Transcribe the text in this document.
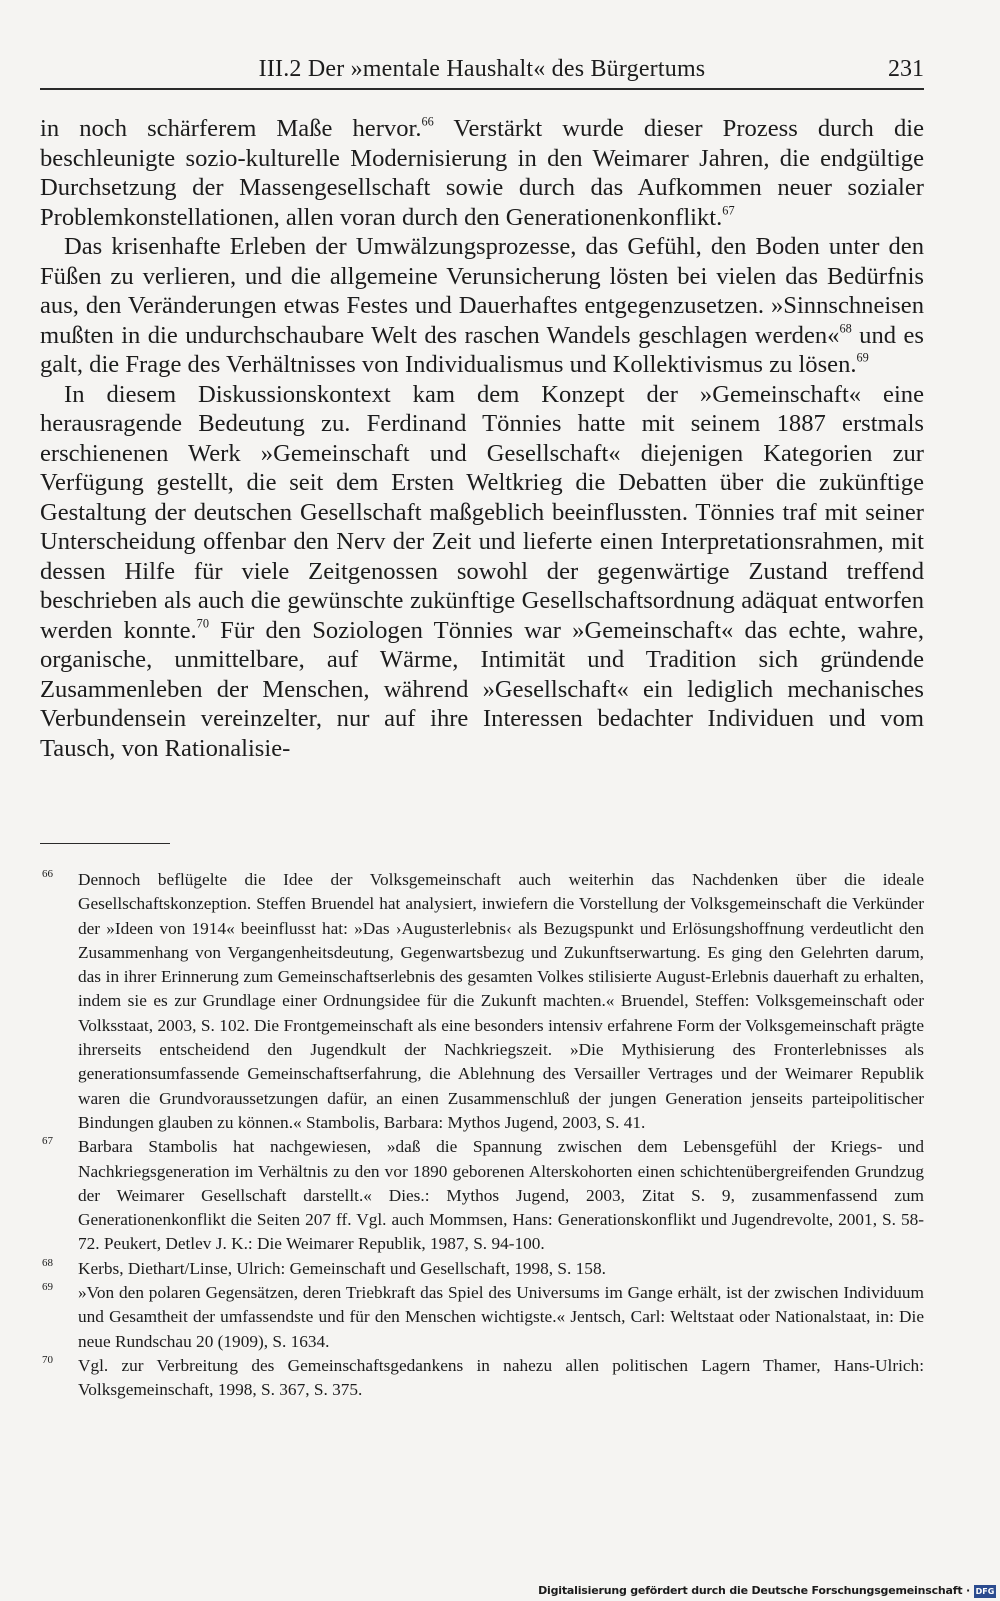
III.2 Der »mentale Haushalt« des Bürgertums	231

in noch schärferem Maße hervor.$^{66}$ Verstärkt wurde dieser Prozess durch die beschleunigte sozio-kulturelle Modernisierung in den Weimarer Jahren, die endgültige Durchsetzung der Massengesellschaft sowie durch das Aufkommen neuer sozialer Problemkonstellationen, allen voran durch den Generationenkonflikt.$^{67}$

Das krisenhafte Erleben der Umwälzungsprozesse, das Gefühl, den Boden unter den Füßen zu verlieren, und die allgemeine Verunsicherung lösten bei vielen das Bedürfnis aus, den Veränderungen etwas Festes und Dauerhaftes entgegenzusetzen. »Sinnschneisen mußten in die undurchschaubare Welt des raschen Wandels geschlagen werden«$^{68}$ und es galt, die Frage des Verhältnisses von Individualismus und Kollektivismus zu lösen.$^{69}$

In diesem Diskussionskontext kam dem Konzept der »Gemeinschaft« eine herausragende Bedeutung zu. Ferdinand Tönnies hatte mit seinem 1887 erstmals erschienenen Werk »Gemeinschaft und Gesellschaft« diejenigen Kategorien zur Verfügung gestellt, die seit dem Ersten Weltkrieg die Debatten über die zukünftige Gestaltung der deutschen Gesellschaft maßgeblich beeinflussten. Tönnies traf mit seiner Unterscheidung offenbar den Nerv der Zeit und lieferte einen Interpretationsrahmen, mit dessen Hilfe für viele Zeitgenossen sowohl der gegenwärtige Zustand treffend beschrieben als auch die gewünschte zukünftige Gesellschaftsordnung adäquat entworfen werden konnte.$^{70}$ Für den Soziologen Tönnies war »Gemeinschaft« das echte, wahre, organische, unmittelbare, auf Wärme, Intimität und Tradition sich gründende Zusammenleben der Menschen, während »Gesellschaft« ein lediglich mechanisches Verbundensein vereinzelter, nur auf ihre Interessen bedachter Individuen und vom Tausch, von Rationalisie-

66 Dennoch beflügelte die Idee der Volksgemeinschaft auch weiterhin das Nachdenken über die ideale Gesellschaftskonzeption. Steffen Bruendel hat analysiert, inwiefern die Vorstellung der Volksgemeinschaft die Verkünder der »Ideen von 1914« beeinflusst hat: »Das ›Augusterlebnis‹ als Bezugspunkt und Erlösungshoffnung verdeutlicht den Zusammenhang von Vergangenheitsdeutung, Gegenwartsbezug und Zukunftserwartung. Es ging den Gelehrten darum, das in ihrer Erinnerung zum Gemeinschaftserlebnis des gesamten Volkes stilisierte August-Erlebnis dauerhaft zu erhalten, indem sie es zur Grundlage einer Ordnungsidee für die Zukunft machten.« Bruendel, Steffen: Volksgemeinschaft oder Volksstaat, 2003, S. 102. Die Frontgemeinschaft als eine besonders intensiv erfahrene Form der Volksgemeinschaft prägte ihrerseits entscheidend den Jugendkult der Nachkriegszeit. »Die Mythisierung des Fronterlebnisses als generationsumfassende Gemeinschaftserfahrung, die Ablehnung des Versailler Vertrages und der Weimarer Republik waren die Grundvoraussetzungen dafür, an einen Zusammenschluß der jungen Generation jenseits parteipolitischer Bindungen glauben zu können.« Stambolis, Barbara: Mythos Jugend, 2003, S. 41.

67 Barbara Stambolis hat nachgewiesen, »daß die Spannung zwischen dem Lebensgefühl der Kriegs- und Nachkriegsgeneration im Verhältnis zu den vor 1890 geborenen Alterskohorten einen schichtenübergreifenden Grundzug der Weimarer Gesellschaft darstellt.« Dies.: Mythos Jugend, 2003, Zitat S. 9, zusammenfassend zum Generationenkonflikt die Seiten 207 ff. Vgl. auch Mommsen, Hans: Generationskonflikt und Jugendrevolte, 2001, S. 58-72. Peukert, Detlev J. K.: Die Weimarer Republik, 1987, S. 94-100.

68 Kerbs, Diethart/Linse, Ulrich: Gemeinschaft und Gesellschaft, 1998, S. 158.

69 »Von den polaren Gegensätzen, deren Triebkraft das Spiel des Universums im Gange erhält, ist der zwischen Individuum und Gesamtheit der umfassendste und für den Menschen wichtigste.« Jentsch, Carl: Weltstaat oder Nationalstaat, in: Die neue Rundschau 20 (1909), S. 1634.

70 Vgl. zur Verbreitung des Gemeinschaftsgedankens in nahezu allen politischen Lagern Thamer, Hans-Ulrich: Volksgemeinschaft, 1998, S. 367, S. 375.

Digitalisierung gefördert durch die Deutsche Forschungsgemeinschaft · DFG
